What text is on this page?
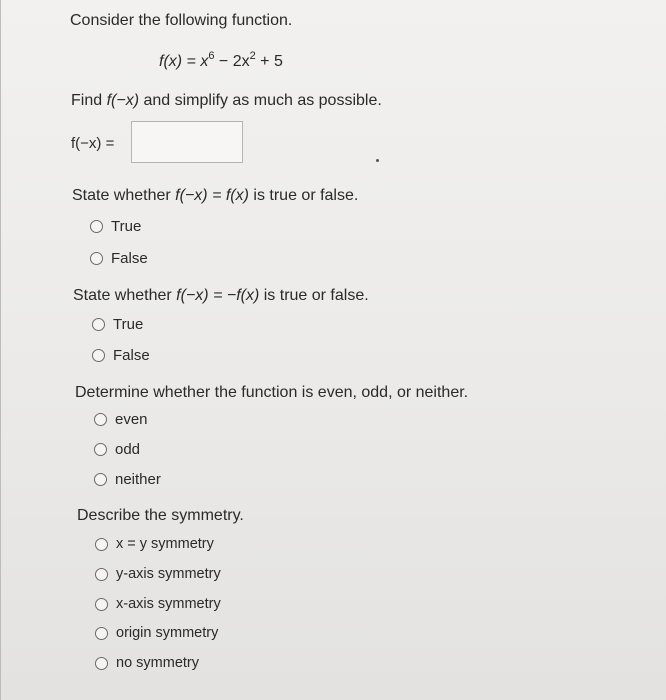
Consider the following function.
$f(x) = x^6 - 2x^2 + 5$
Find f(−x) and simplify as much as possible.
f(−x) =
State whether f(−x) = f(x) is true or false.
True
False
State whether f(−x) = −f(x) is true or false.
True
False
Determine whether the function is even, odd, or neither.
even
odd
neither
Describe the symmetry.
x = y symmetry
y-axis symmetry
x-axis symmetry
origin symmetry
no symmetry
